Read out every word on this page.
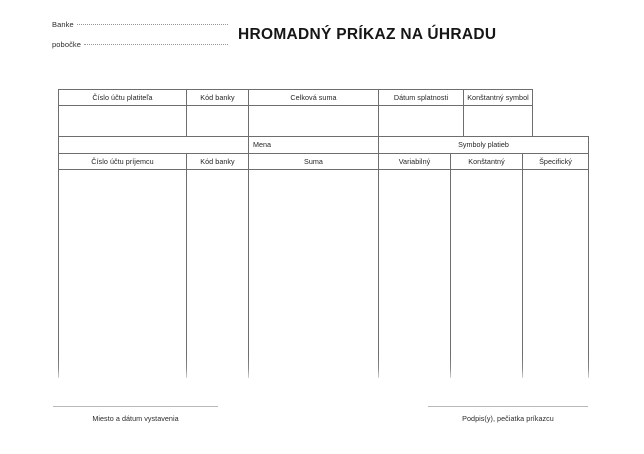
Banke
pobočke
HROMADNÝ PRÍKAZ NA ÚHRADU
Číslo účtu platiteľa	Kód banky	Celková suma	Dátum splatnosti	Konštantný symbol

		Mena	Symboly platieb		
Číslo účtu príjemcu	Kód banky	Suma	Variabilný	Konštantný	Špecifický

Miesto a dátum vystavenia	Podpis(y), pečiatka príkazcu
